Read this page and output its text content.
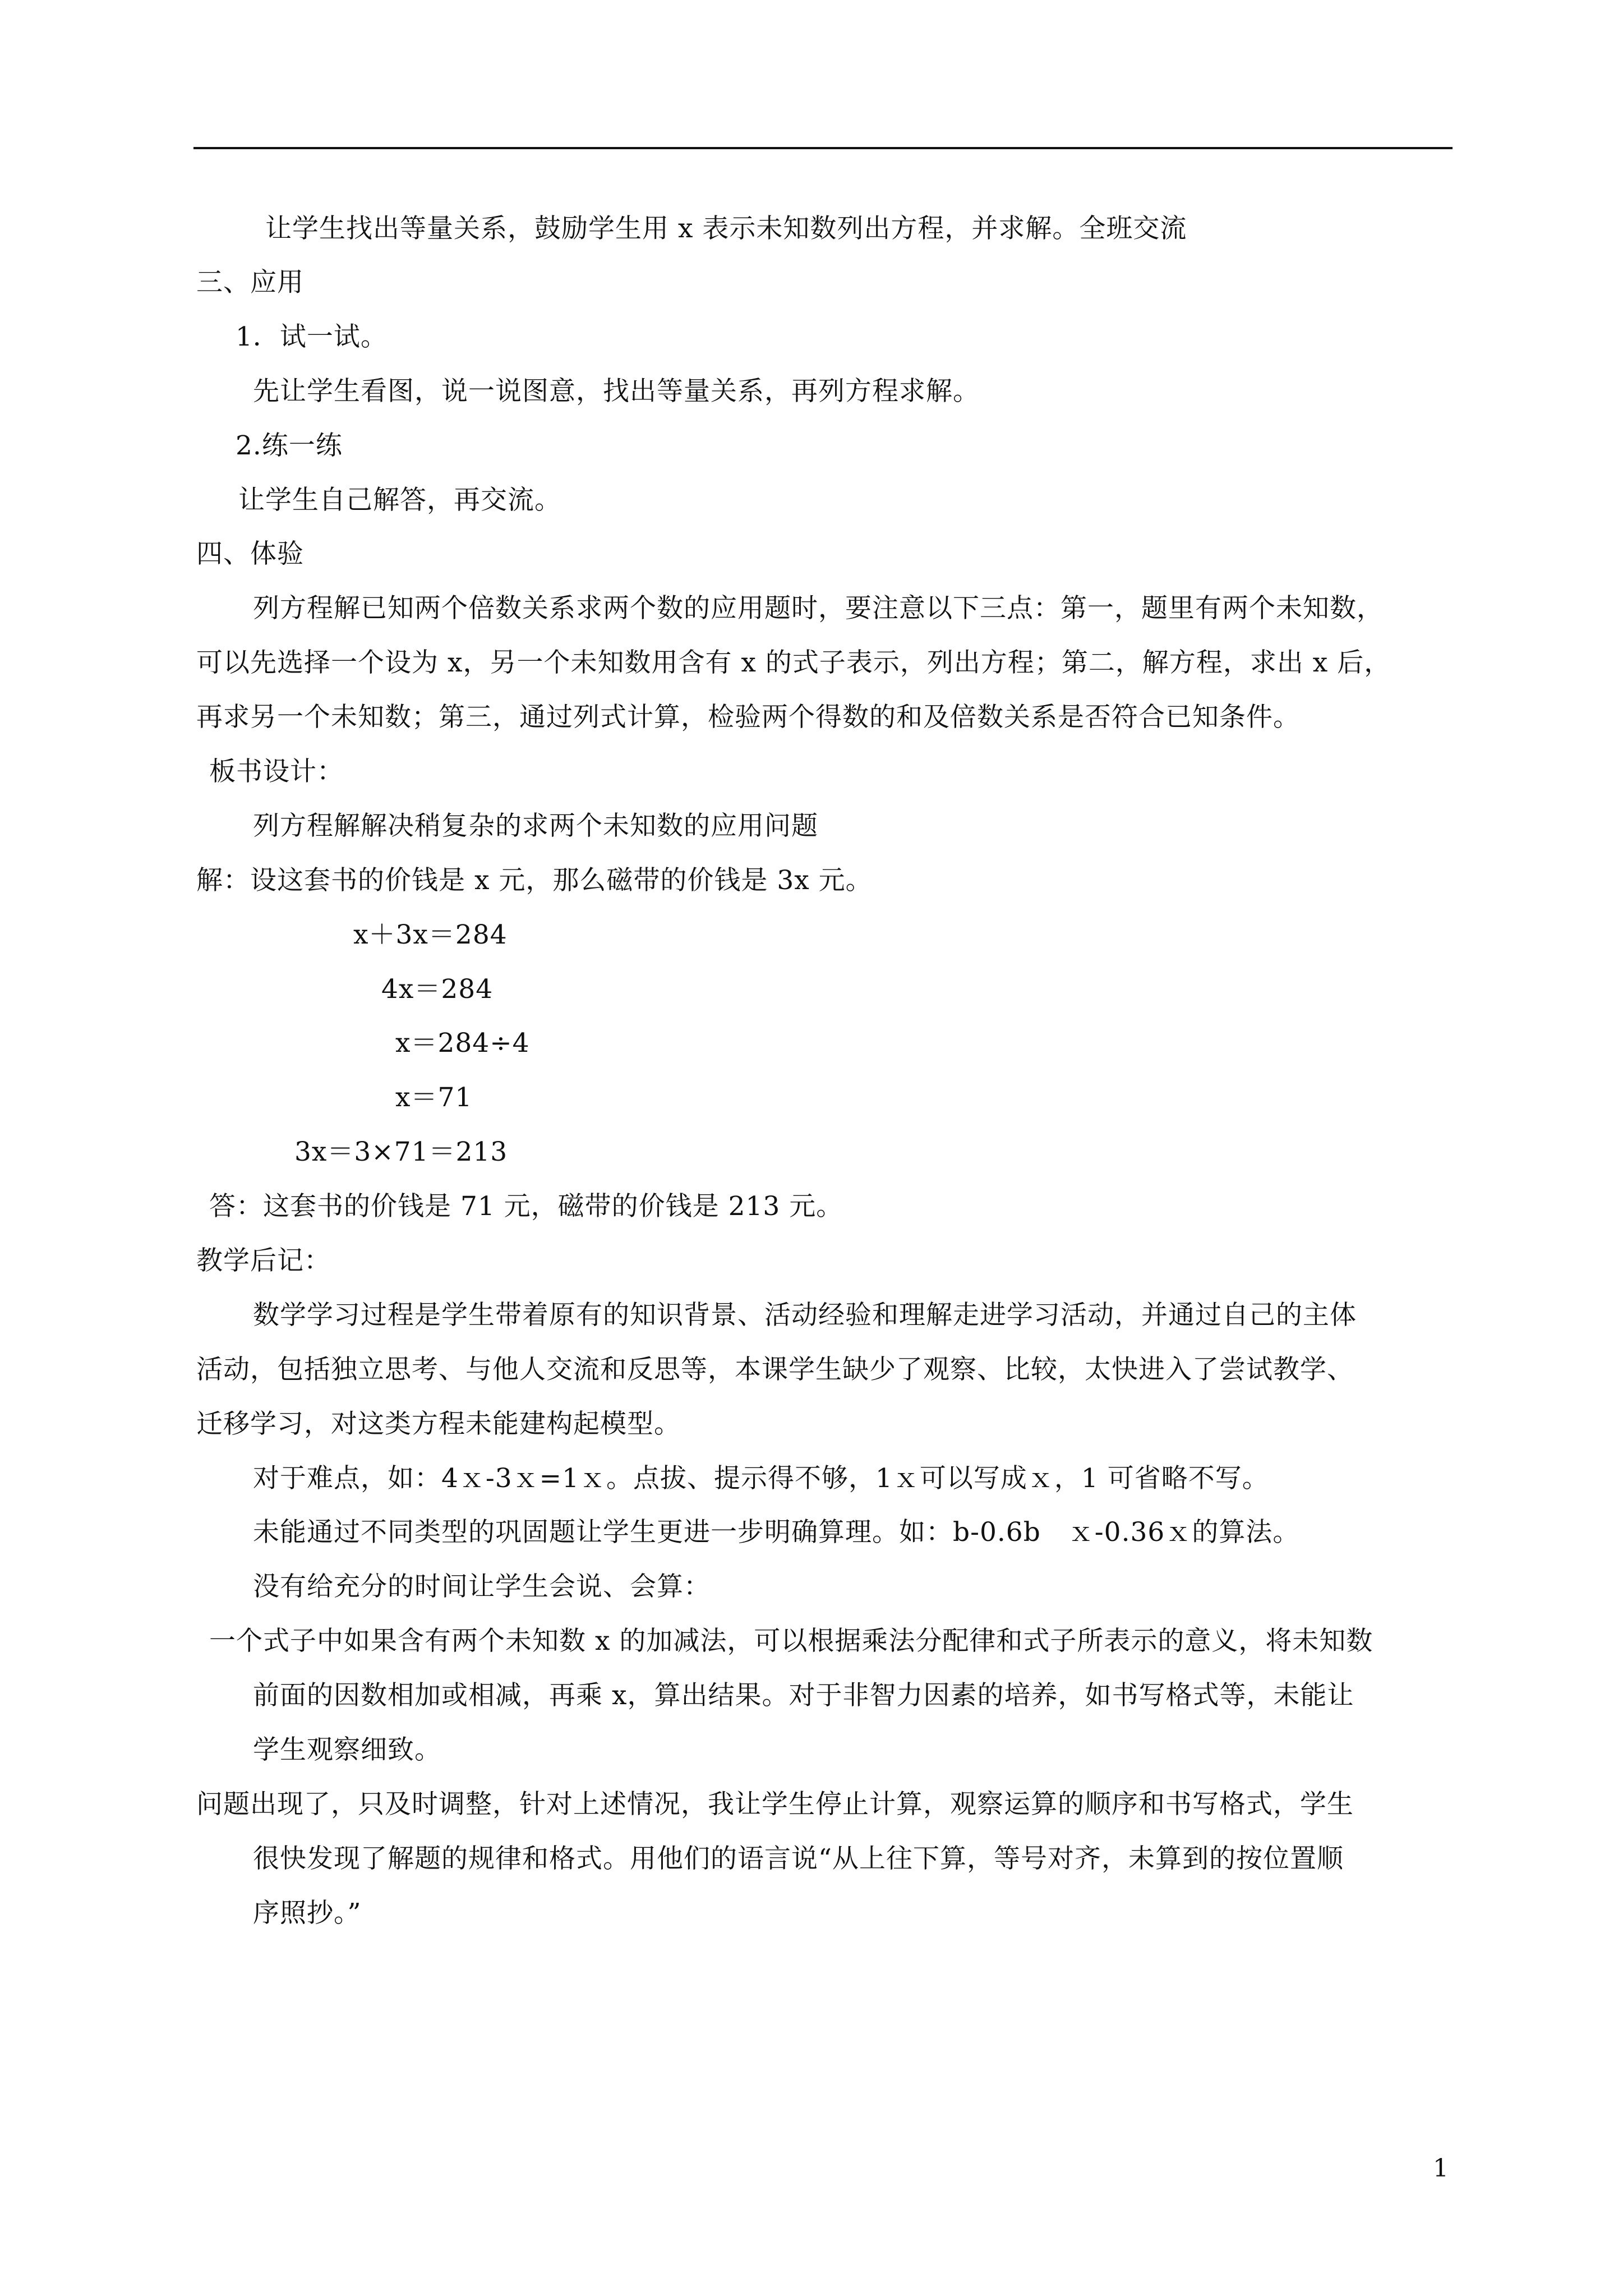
让学生找出等量关系，鼓励学生用 x 表示未知数列出方程，并求解。全班交流
三、应用
1．试一试。
先让学生看图，说一说图意，找出等量关系，再列方程求解。
2.练一练
让学生自己解答，再交流。
四、体验
列方程解已知两个倍数关系求两个数的应用题时，要注意以下三点：第一，题里有两个未知数，
可以先选择一个设为 x，另一个未知数用含有 x 的式子表示，列出方程；第二，解方程，求出 x 后，
再求另一个未知数；第三，通过列式计算，检验两个得数的和及倍数关系是否符合已知条件。
板书设计：
列方程解解决稍复杂的求两个未知数的应用问题
解：设这套书的价钱是 x 元，那么磁带的价钱是 3x 元。
x＋3x＝284
4x＝284
x＝284÷4
x＝71
3x＝3×71＝213
答：这套书的价钱是 71 元，磁带的价钱是 213 元。
教学后记：
数学学习过程是学生带着原有的知识背景、活动经验和理解走进学习活动，并通过自己的主体
活动，包括独立思考、与他人交流和反思等，本课学生缺少了观察、比较，太快进入了尝试教学、
迁移学习，对这类方程未能建构起模型。
对于难点，如：4ｘ-3ｘ=1ｘ。点拔、提示得不够，1ｘ可以写成ｘ，1 可省略不写。
未能通过不同类型的巩固题让学生更进一步明确算理。如：b-0.6b　ｘ-0.36ｘ的算法。
没有给充分的时间让学生会说、会算：
一个式子中如果含有两个未知数 x 的加减法，可以根据乘法分配律和式子所表示的意义，将未知数
前面的因数相加或相减，再乘 x，算出结果。对于非智力因素的培养，如书写格式等，未能让
学生观察细致。
问题出现了，只及时调整，针对上述情况，我让学生停止计算，观察运算的顺序和书写格式，学生
很快发现了解题的规律和格式。用他们的语言说“从上往下算，等号对齐，未算到的按位置顺
序照抄。”
1
